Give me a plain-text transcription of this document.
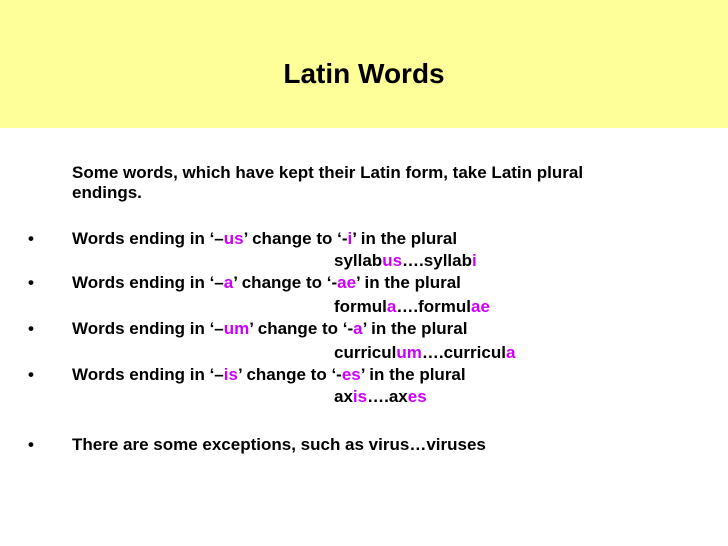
Latin Words
Some words, which have kept their Latin form, take Latin plural
endings.
• Words ending in ‘–us’ change to ‘-i’ in the plural
syllabus….syllabi
• Words ending in ‘–a’ change to ‘-ae’ in the plural
formula….formulae
• Words ending in ‘–um’ change to ‘-a’ in the plural
curriculum….curricula
• Words ending in ‘–is’ change to ‘-es’ in the plural
axis….axes
• There are some exceptions, such as virus…viruses
